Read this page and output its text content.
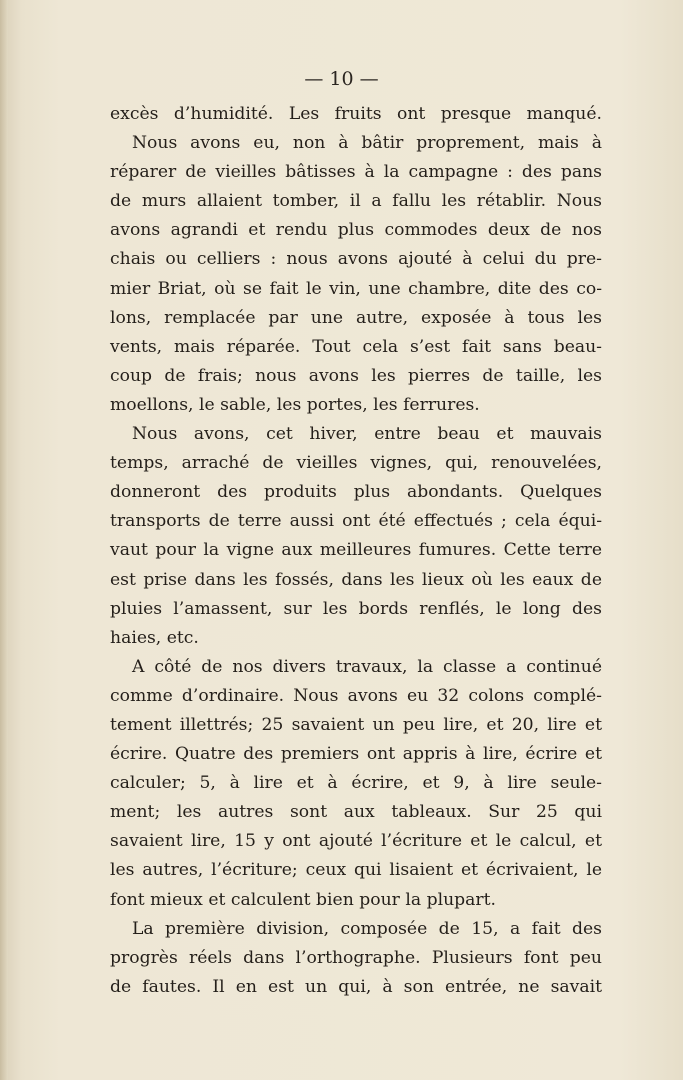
— 10 —
excès d’humidité. Les fruits ont presque manqué.
Nous avons eu, non à bâtir proprement, mais à
réparer de vieilles bâtisses à la campagne : des pans
de murs allaient tomber, il a fallu les rétablir. Nous
avons agrandi et rendu plus commodes deux de nos
chais ou celliers : nous avons ajouté à celui du pre-
mier Briat, où se fait le vin, une chambre, dite des co-
lons, remplacée par une autre, exposée à tous les
vents, mais réparée. Tout cela s’est fait sans beau-
coup de frais; nous avons les pierres de taille, les
moellons, le sable, les portes, les ferrures.
Nous avons, cet hiver, entre beau et mauvais
temps, arraché de vieilles vignes, qui, renouvelées,
donneront des produits plus abondants. Quelques
transports de terre aussi ont été effectués ; cela équi-
vaut pour la vigne aux meilleures fumures. Cette terre
est prise dans les fossés, dans les lieux où les eaux de
pluies l’amassent, sur les bords renflés, le long des
haies, etc.
A côté de nos divers travaux, la classe a continué
comme d’ordinaire. Nous avons eu 32 colons complé-
tement illettrés; 25 savaient un peu lire, et 20, lire et
écrire. Quatre des premiers ont appris à lire, écrire et
calculer; 5, à lire et à écrire, et 9, à lire seule-
ment; les autres sont aux tableaux. Sur 25 qui
savaient lire, 15 y ont ajouté l’écriture et le calcul, et
les autres, l’écriture; ceux qui lisaient et écrivaient, le
font mieux et calculent bien pour la plupart.
La première division, composée de 15, a fait des
progrès réels dans l’orthographe. Plusieurs font peu
de fautes. Il en est un qui, à son entrée, ne savait
